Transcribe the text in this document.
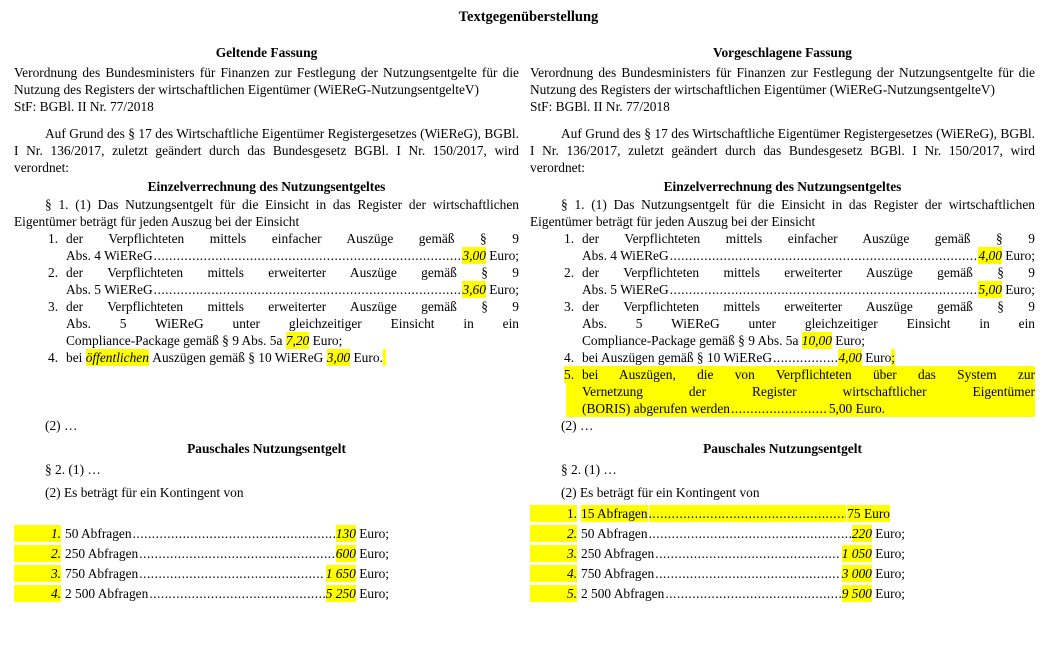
Textgegenüberstellung

Geltende Fassung

Verordnung des Bundesministers für Finanzen zur Festlegung der Nutzungsentgelte für die Nutzung des Registers der wirtschaftlichen Eigentümer (WiEReG-NutzungsentgelteV)

StF: BGBl. II Nr. 77/2018

Auf Grund des § 17 des Wirtschaftliche Eigentümer Registergesetzes (WiEReG), BGBl. I Nr. 136/2017, zuletzt geändert durch das Bundesgesetz BGBl. I Nr. 150/2017, wird verordnet:

Einzelverrechnung des Nutzungsentgeltes

§ 1. (1) Das Nutzungsentgelt für die Einsicht in das Register der wirtschaftlichen Eigentümer beträgt für jeden Auszug bei der Einsicht

1. der Verpflichteten mittels einfacher Auszüge gemäß § 9
Abs. 4 WiEReG .....	3,00
Euro;
2. der Verpflichteten mittels erweiterter Auszüge gemäß § 9
Abs. 5 WiEReG .....	3,60
Euro;
3. der Verpflichteten mittels erweiterter Auszüge gemäß § 9
Abs. 5 WiEReG unter gleichzeitiger Einsicht in ein
Compliance-Package gemäß § 9 Abs. 5a
7,20
Euro;
4. bei
öffentlichen
Auszügen gemäß § 10 WiEReG
3,00
Euro.

(2) …

Pauschales Nutzungsentgelt

§ 2. (1) …

(2) Es beträgt für ein Kontingent von

1. 50 Abfragen .....	130
Euro;
2. 250 Abfragen .....	600
Euro;
3. 750 Abfragen .....	1 650
Euro;
4. 2 500 Abfragen .....	5 250
Euro;

Vorgeschlagene Fassung

Verordnung des Bundesministers für Finanzen zur Festlegung der Nutzungsentgelte für die Nutzung des Registers der wirtschaftlichen Eigentümer (WiEReG-NutzungsentgelteV)

StF: BGBl. II Nr. 77/2018

Auf Grund des § 17 des Wirtschaftliche Eigentümer Registergesetzes (WiEReG), BGBl. I Nr. 136/2017, zuletzt geändert durch das Bundesgesetz BGBl. I Nr. 150/2017, wird verordnet:

Einzelverrechnung des Nutzungsentgeltes

§ 1. (1) Das Nutzungsentgelt für die Einsicht in das Register der wirtschaftlichen Eigentümer beträgt für jeden Auszug bei der Einsicht

1. der Verpflichteten mittels einfacher Auszüge gemäß § 9
Abs. 4 WiEReG .....	4,00
Euro;
2. der Verpflichteten mittels erweiterter Auszüge gemäß § 9
Abs. 5 WiEReG .....	5,00
Euro;
3. der Verpflichteten mittels erweiterter Auszüge gemäß § 9
Abs. 5 WiEReG unter gleichzeitiger Einsicht in ein
Compliance-Package gemäß § 9 Abs. 5a
10,00
Euro;
4. bei Auszügen gemäß § 10 WiEReG .....	4,00
Euro ;
5. bei Auszügen, die von Verpflichteten über das System zur
Vernetzung der Register wirtschaftlicher Eigentümer
(BORIS) abgerufen werden .....	5,00
Euro.

(2) …

Pauschales Nutzungsentgelt

§ 2. (1) …

(2) Es beträgt für ein Kontingent von

1. 15 Abfragen .....	75
Euro
2. 50 Abfragen .....	220
Euro;
3. 250 Abfragen .....	1 050
Euro;
4. 750 Abfragen .....	3 000
Euro;
5. 2 500 Abfragen .....	9 500
Euro;
